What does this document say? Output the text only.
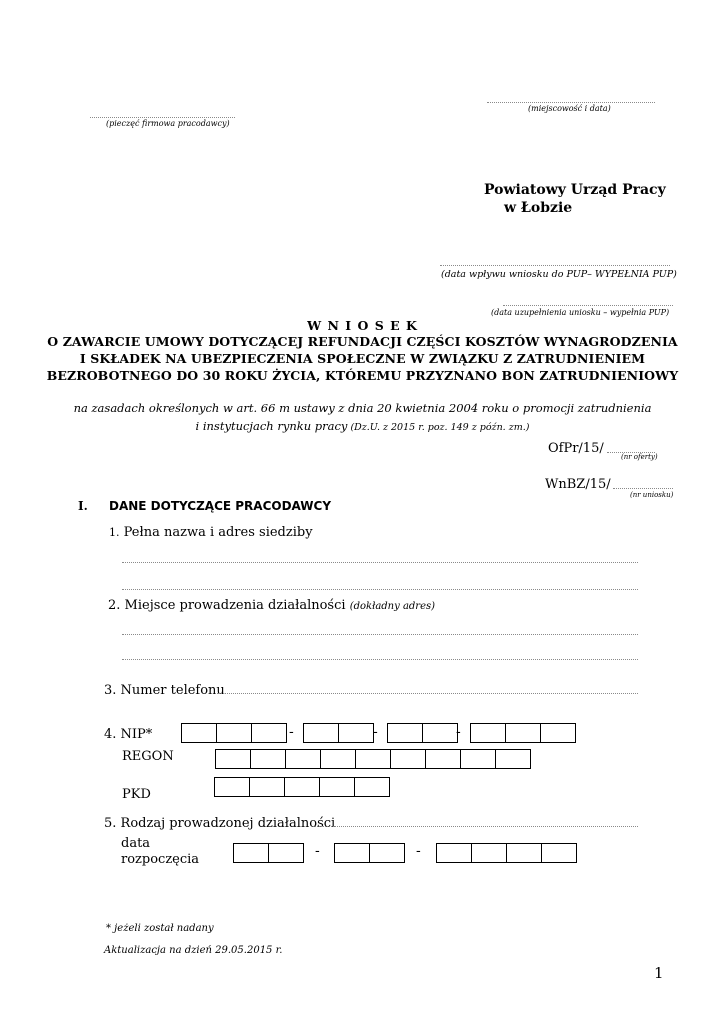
(miejscowość i data)
(pieczęć firmowa pracodawcy)
Powiatowy Urząd Pracy
w Łobzie
(data wpływu wniosku do PUP– WYPEŁNIA PUP)
(data uzupełnienia uniosku – wypełnia PUP)
W N I O S E K
O ZAWARCIE UMOWY DOTYCZĄCEJ REFUNDACJI CZĘŚCI KOSZTÓW WYNAGRODZENIA
I SKŁADEK NA UBEZPIECZENIA SPOŁECZNE W ZWIĄZKU Z ZATRUDNIENIEM
BEZROBOTNEGO DO 30 ROKU ŻYCIA, KTÓREMU PRZYZNANO BON ZATRUDNIENIOWY
na zasadach określonych w art. 66 m ustawy z dnia 20 kwietnia 2004 roku o promocji zatrudnienia
i instytucjach rynku pracy (Dz.U. z 2015 r. poz. 149 z późn. zm.)
OfPr/15/
(nr oferty)
WnBZ/15/
(nr uniosku)
I. DANE DOTYCZĄCE PRACODAWCY
1. Pełna nazwa i adres siedziby
2. Miejsce prowadzenia działalności (dokładny adres)
3. Numer telefonu
4. NIP*	-	-	-
REGON
PKD
5. Rodzaj prowadzonej działalności
data
rozpoczęcia
-	-
* jeżeli został nadany
Aktualizacja na dzień 29.05.2015 r.
1
